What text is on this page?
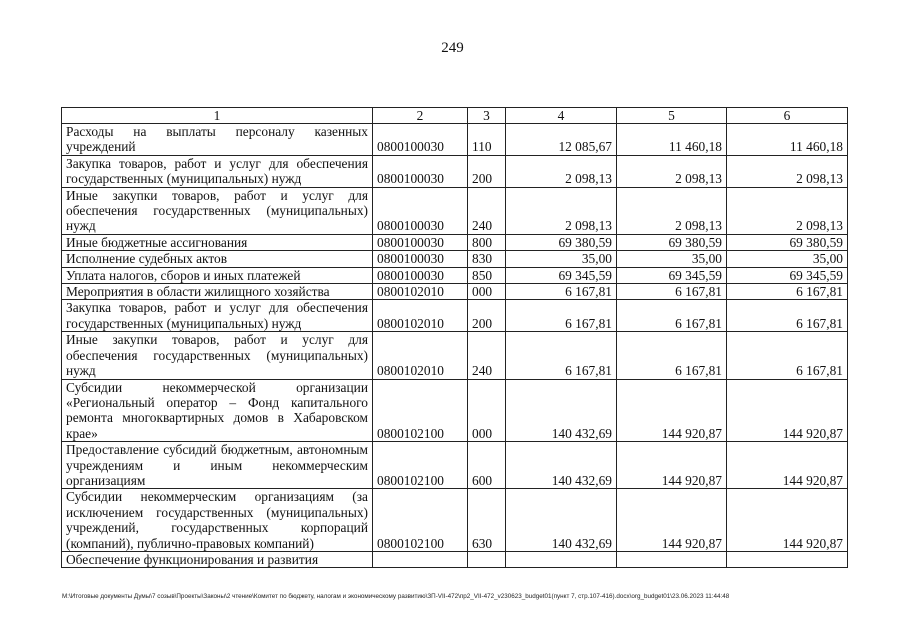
249
1	2	3	4	5	6
Расходы на выплаты персоналу казенных учреждений	0800100030	110	12 085,67	11 460,18	11 460,18
Закупка товаров, работ и услуг для обеспечения государственных (муниципальных) нужд	0800100030	200	2 098,13	2 098,13	2 098,13
Иные закупки товаров, работ и услуг для обеспечения государственных (муниципальных) нужд	0800100030	240	2 098,13	2 098,13	2 098,13
Иные бюджетные ассигнования	0800100030	800	69 380,59	69 380,59	69 380,59
Исполнение судебных актов	0800100030	830	35,00	35,00	35,00
Уплата налогов, сборов и иных платежей	0800100030	850	69 345,59	69 345,59	69 345,59
Мероприятия в области жилищного хозяйства	0800102010	000	6 167,81	6 167,81	6 167,81
Закупка товаров, работ и услуг для обеспечения государственных (муниципальных) нужд	0800102010	200	6 167,81	6 167,81	6 167,81
Иные закупки товаров, работ и услуг для обеспечения государственных (муниципальных) нужд	0800102010	240	6 167,81	6 167,81	6 167,81
Субсидии некоммерческой организации «Региональный оператор – Фонд капитального ремонта многоквартирных домов в Хабаровском крае»	0800102100	000	140 432,69	144 920,87	144 920,87
Предоставление субсидий бюджетным, автономным учреждениям и иным некоммерческим организациям	0800102100	600	140 432,69	144 920,87	144 920,87
Субсидии некоммерческим организациям (за исключением государственных (муниципальных) учреждений, государственных корпораций (компаний), публично-правовых компаний)	0800102100	630	140 432,69	144 920,87	144 920,87
Обеспечение функционирования и развития					
M:\Итоговые документы Думы\7 созыв\Проекты\Законы\2 чтение\Комитет по бюджету, налогам и экономическому развитию\ЗП-VII-472\пр2_VII-472_v230623_budget01(пункт 7, стр.107-416).docx\org_budget01\23.06.2023 11:44:48
